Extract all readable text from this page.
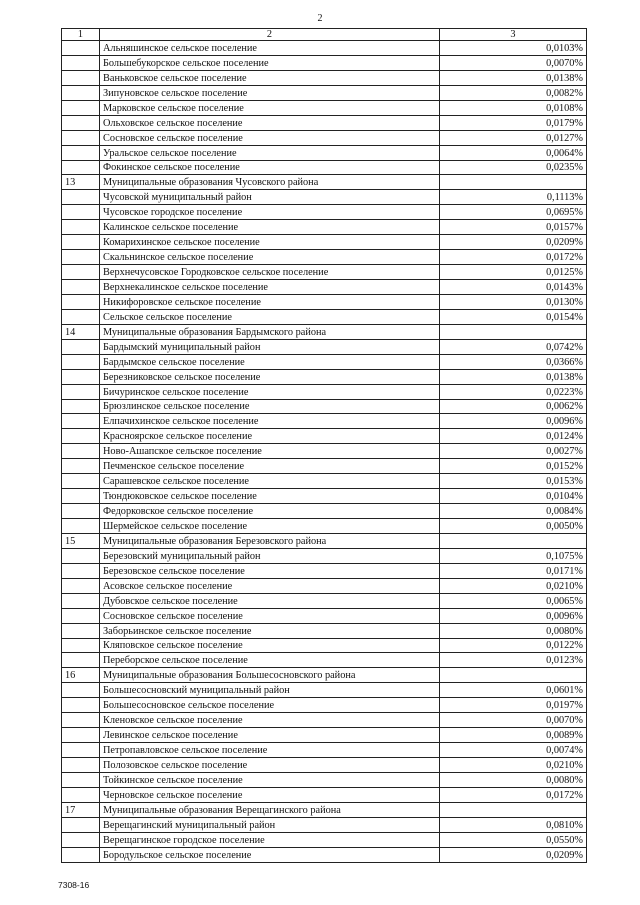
2
1	2	3
	Альняшинское сельское поселение	0,0103%
	Большебукорское сельское поселение	0,0070%
	Ваньковское сельское поселение	0,0138%
	Зипуновское сельское поселение	0,0082%
	Марковское сельское поселение	0,0108%
	Ольховское сельское поселение	0,0179%
	Сосновское сельское поселение	0,0127%
	Уральское сельское поселение	0,0064%
	Фокинское сельское поселение	0,0235%
13	Муниципальные образования Чусовского района	
	Чусовской муниципальный район	0,1113%
	Чусовское городское поселение	0,0695%
	Калинское сельское поселение	0,0157%
	Комарихинское сельское поселение	0,0209%
	Скальнинское сельское поселение	0,0172%
	Верхнечусовское Городковское сельское поселение	0,0125%
	Верхнекалинское сельское поселение	0,0143%
	Никифоровское сельское поселение	0,0130%
	Сельское сельское поселение	0,0154%
14	Муниципальные образования Бардымского района	
	Бардымский муниципальный район	0,0742%
	Бардымское сельское поселение	0,0366%
	Березниковское сельское поселение	0,0138%
	Бичуринское сельское поселение	0,0223%
	Брюзлинское сельское поселение	0,0062%
	Елпачихинское сельское поселение	0,0096%
	Красноярское сельское поселение	0,0124%
	Ново-Ашапское сельское поселение	0,0027%
	Печменское сельское поселение	0,0152%
	Сарашевское сельское поселение	0,0153%
	Тюндюковское сельское поселение	0,0104%
	Федорковское сельское поселение	0,0084%
	Шермейское сельское поселение	0,0050%
15	Муниципальные образования Березовского района	
	Березовский муниципальный район	0,1075%
	Березовское сельское поселение	0,0171%
	Асовское сельское поселение	0,0210%
	Дубовское сельское поселение	0,0065%
	Сосновское сельское поселение	0,0096%
	Заборьинское сельское поселение	0,0080%
	Кляповское сельское поселение	0,0122%
	Переборское сельское поселение	0,0123%
16	Муниципальные образования Большесосновского района	
	Большесосновский муниципальный район	0,0601%
	Большесосновское сельское поселение	0,0197%
	Кленовское сельское поселение	0,0070%
	Левинское сельское поселение	0,0089%
	Петропавловское сельское поселение	0,0074%
	Полозовское сельское поселение	0,0210%
	Тойкинское сельское поселение	0,0080%
	Черновское сельское поселение	0,0172%
17	Муниципальные образования Верещагинского района	
	Верещагинский муниципальный район	0,0810%
	Верещагинское городское поселение	0,0550%
	Бородульское сельское поселение	0,0209%
7308-16
